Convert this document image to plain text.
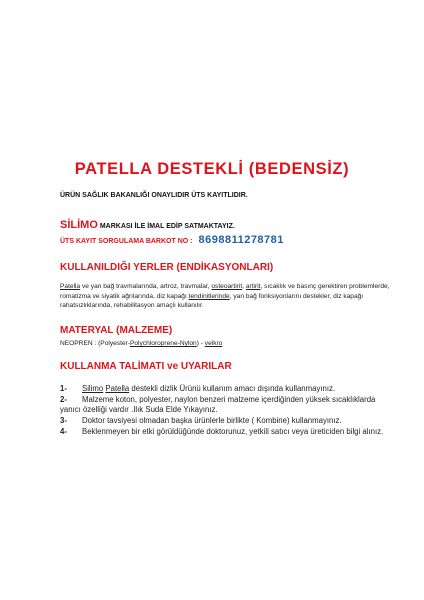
PATELLA DESTEKLİ (BEDENSİZ)
ÜRÜN SAĞLIK BAKANLIĞI ONAYLIDIR ÜTS KAYITLIDIR.
SİLİMO MARKASI İLE İMAL EDİP SATMAKTAYIZ.
ÜTS KAYIT SORGULAMA BARKOT NO : 8698811278781
KULLANILDIĞI YERLER (ENDİKASYONLARI)
Patella ve yan bağ travmalarında, artroz, travmalar, osteoartirit, artirit, sıcaklık ve basınç gerektiren problemlerde, romatizma ve siyatik ağrılarında, diz kapağı tendinitlerinde, yan bağ fonksiyonlarını destekler, diz kapağı rahatsızlıklarında, rehabilitasyon amaçlı kullanılır.
MATERYAL (MALZEME)
NEOPREN : (Polyester-Polychloroprene-Nylon) - velkro
KULLANMA TALİMATI ve UYARILAR
1- Silimo Patella destekli dizlik Ürünü kullanım amacı dışında kullanmayınız.
2- Malzeme koton, polyester, naylon benzeri malzeme içerdiğinden yüksek sıcaklıklarda yanıcı özelliği vardır .Ilık Suda Elde Yıkayınız.
3- Doktor tavsiyesi olmadan başka ürünlerle birlikte ( Kombine) kullanmayınız.
4- Beklenmeyen bir etki görüldüğünde doktorunuz, yetkili satıcı veya üreticiden bilgi alınız.
